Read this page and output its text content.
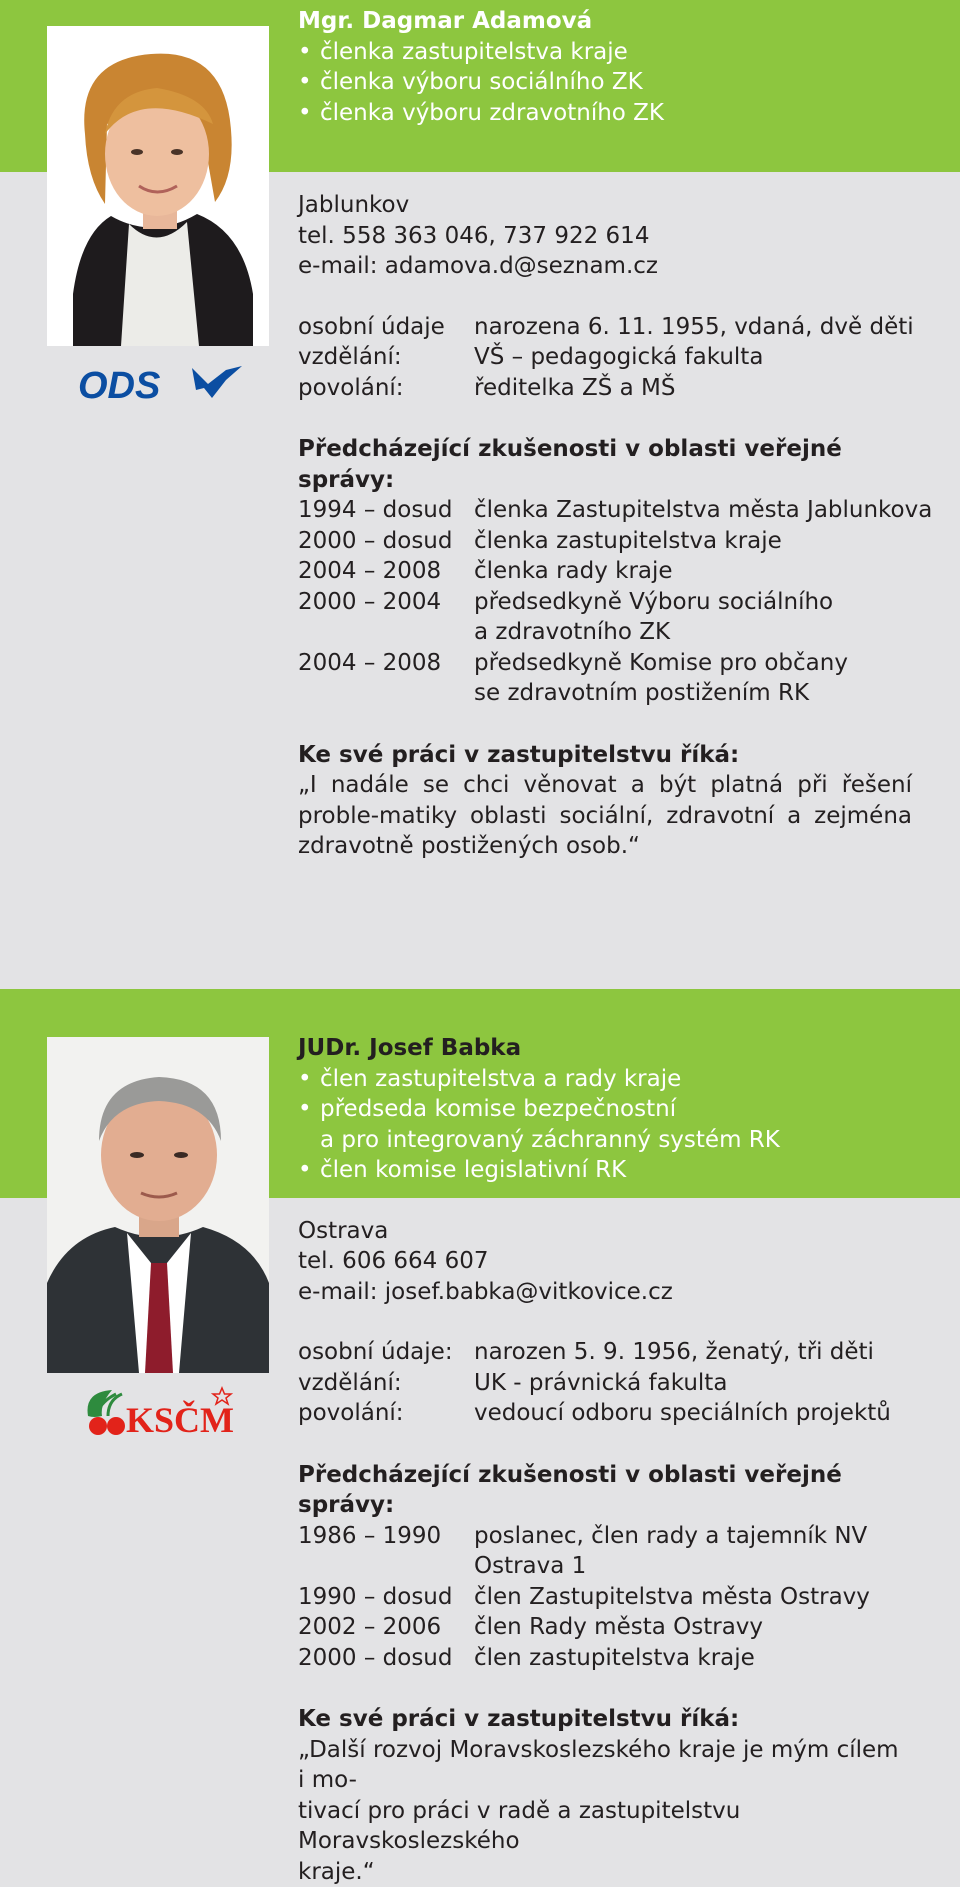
ODS
Mgr. Dagmar Adamová
• členka zastupitelstva kraje
• členka výboru sociálního ZK
• členka výboru zdravotního ZK
Jablunkov
tel. 558 363 046, 737 922 614
e-mail: adamova.d@seznam.cz
osobní údaje	narozena 6. 11. 1955, vdaná, dvě děti
vzdělání:	VŠ – pedagogická fakulta
povolání:	ředitelka ZŠ a MŠ
Předcházející zkušenosti v oblasti veřejné správy:
1994 – dosud členka Zastupitelstva města Jablunkova
2000 – dosud členka zastupitelstva kraje
2004 – 2008	členka rady kraje
2000 – 2004	předsedkyně Výboru sociálního
a zdravotního ZK
2004 – 2008	předsedkyně Komise pro občany
se zdravotním postižením RK
Ke své práci v zastupitelstvu říká:
„I nadále se chci věnovat a být platná při řešení proble-matiky oblasti sociální, zdravotní a zejména zdravotně postižených osob.“
KSČM
JUDr. Josef Babka
• člen zastupitelstva a rady kraje
• předseda komise bezpečnostní
a pro integrovaný záchranný systém RK
• člen komise legislativní RK
Ostrava
tel. 606 664 607
e-mail: josef.babka@vitkovice.cz
osobní údaje: narozen 5. 9. 1956, ženatý, tři děti
vzdělání:	UK - právnická fakulta
povolání:	vedoucí odboru speciálních projektů
Předcházející zkušenosti v oblasti veřejné správy:
1986 – 1990	poslanec, člen rady a tajemník NV
Ostrava 1
1990 – dosud člen Zastupitelstva města Ostravy
2002 – 2006	člen Rady města Ostravy
2000 – dosud člen zastupitelstva kraje
Ke své práci v zastupitelstvu říká:
„Další rozvoj Moravskoslezského kraje je mým cílem i mo-
tivací pro práci v radě a zastupitelstvu Moravskoslezského
kraje.“
